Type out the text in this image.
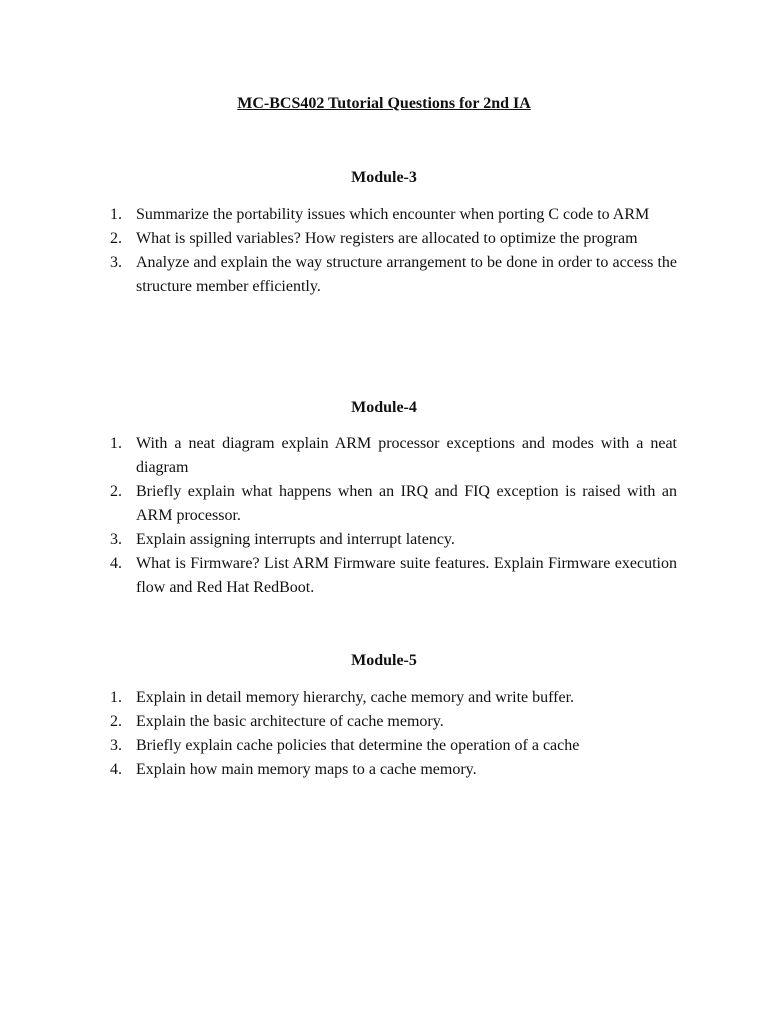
MC-BCS402 Tutorial Questions for 2nd IA
Module-3
1. Summarize the portability issues which encounter when porting C code to ARM
2. What is spilled variables? How registers are allocated to optimize the program
3. Analyze and explain the way structure arrangement to be done in order to access the structure member efficiently.
Module-4
1. With a neat diagram explain ARM processor exceptions and modes with a neat diagram
2. Briefly explain what happens when an IRQ and FIQ exception is raised with an ARM processor.
3. Explain assigning interrupts and interrupt latency.
4. What is Firmware? List ARM Firmware suite features. Explain Firmware execution flow and Red Hat RedBoot.
Module-5
1. Explain in detail memory hierarchy, cache memory and write buffer.
2. Explain the basic architecture of cache memory.
3. Briefly explain cache policies that determine the operation of a cache
4. Explain how main memory maps to a cache memory.
